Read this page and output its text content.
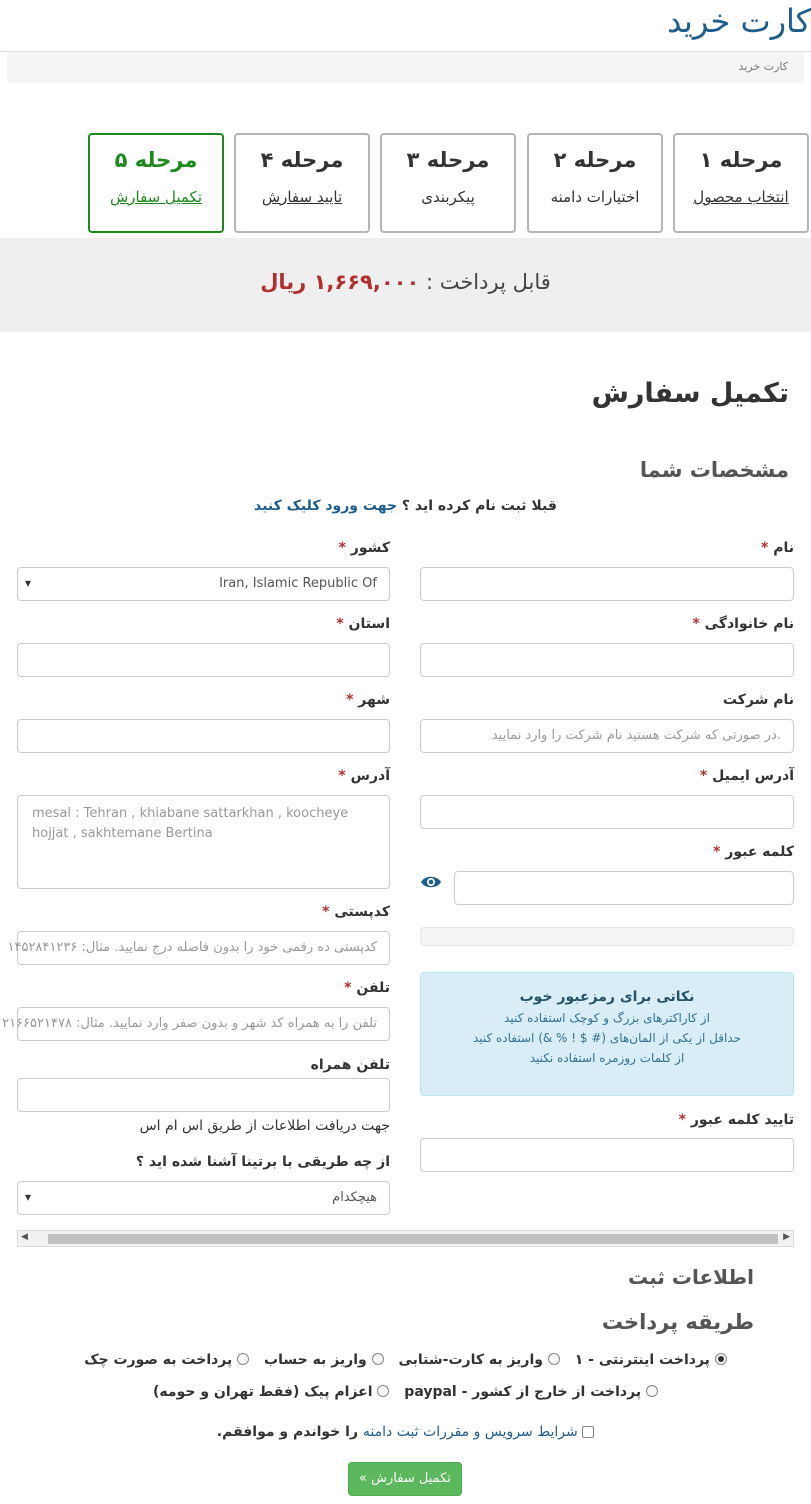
کارت خرید
کارت خرید
مرحله ۱
انتخاب محصول
مرحله ۲
اختیارات دامنه
مرحله ۳
پیکربندی
مرحله ۴
تایید سفارش
مرحله ۵
تکمیل سفارش
قابل پرداخت : ۱,۶۶۹,۰۰۰ ریال
تکمیل سفارش
مشخصات شما
قبلا ثبت نام کرده اید ؟ جهت ورود کلیک کنید
نام *
نام خانوادگی *
نام شرکت
.در صورتی که شرکت هستید نام شرکت را وارد نمایید
آدرس ایمیل *
کلمه عبور *
نکاتی برای رمزعبور خوب
از کاراکترهای بزرگ و کوچک استفاده کنید
حداقل از یکی از المان‌های (# $ ! % &) استفاده کنید
از کلمات روزمره استفاده نکنید
تایید کلمه عبور *
کشور *
Iran, Islamic Republic Of ▾
استان *
شهر *
آدرس *
mesal : Tehran , khiabane sattarkhan , koocheye hojjat , sakhtemane Bertina
کدپستی *
کدپستی ده رقمی خود را بدون فاصله درج نمایید. مثال: ۱۴۵۲۸۴۱۲۳۶
تلفن *
تلفن را به همراه کد شهر و بدون صفر وارد نمایید. مثال: ۲۱۶۶۵۲۱۴۷۸
تلفن همراه
جهت دریافت اطلاعات از طریق اس ام اس
از چه طریقی با برتینا آشنا شده اید ؟
هیچکدام ▾
◀	▶
اطلاعات ثبت
طریقه پرداخت
پرداخت اینترنتی - ۱  واریز به کارت-شتابی  واریز به حساب  پرداخت به صورت چک
پرداخت از خارج از کشور - paypal  اعزام پیک (فقط تهران و حومه)
شرایط سرویس و مقررات ثبت دامنه را خواندم و موافقم.
تکمیل سفارش »
